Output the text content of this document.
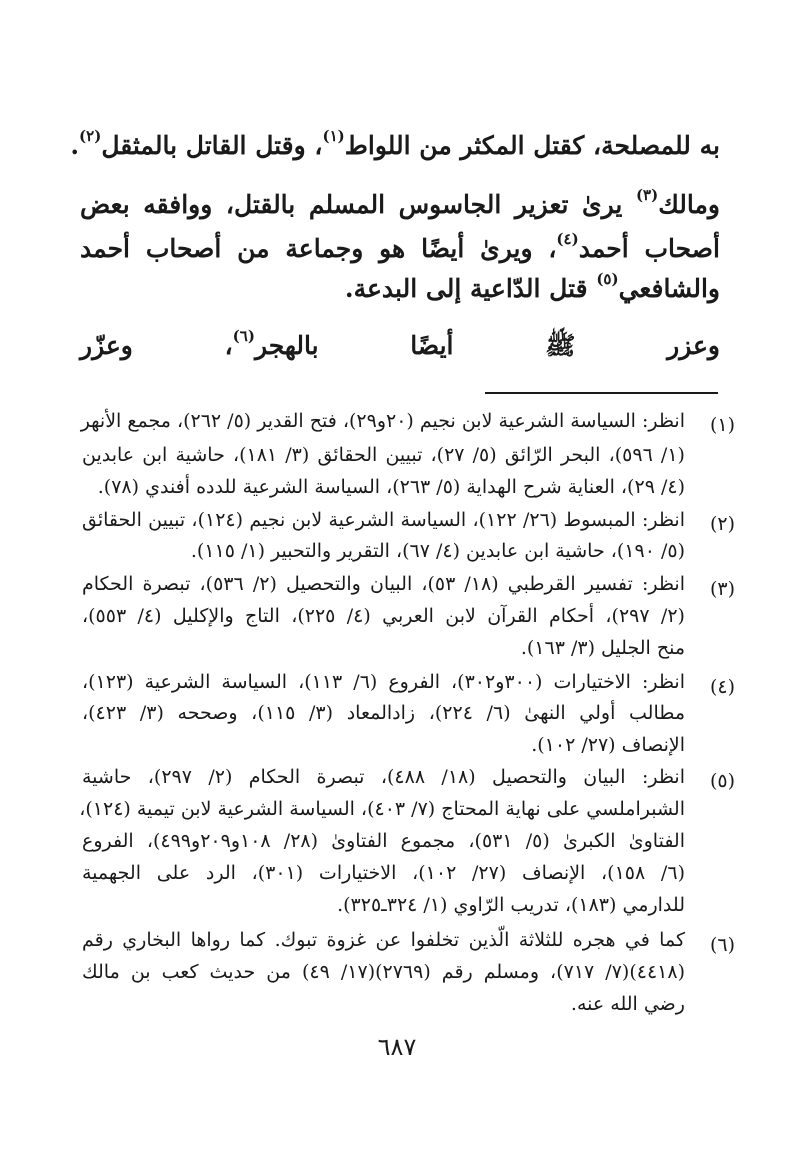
به للمصلحة، كقتل المكثر من اللواط$^{(١)}$، وقتل القاتل بالمثقل$^{(٢)}$.
ومالك$^{(٣)}$ يرىٰ تعزير الجاسوس المسلم بالقتل، ووافقه بعض
أصحاب أحمد$^{(٤)}$، ويرىٰ أيضًا هو وجماعة من أصحاب أحمد
والشافعي$^{(٥)}$ قتل الدّاعية إلى البدعة.
وعزر ﷺ أيضًا بالهجر$^{(٦)}$، وعزّر
(١)
انظر: السياسة الشرعية لابن نجيم (٢٠و٢٩)، فتح القدير (٥/ ٢٦٢)، مجمع الأنهر
(١/ ٥٩٦)، البحر الرّائق (٥/ ٢٧)، تبيين الحقائق (٣/ ١٨١)، حاشية ابن عابدين
(٤/ ٢٩)، العناية شرح الهداية (٥/ ٢٦٣)، السياسة الشرعية للدده أفندي (٧٨).
(٢)
انظر: المبسوط (٢٦/ ١٢٢)، السياسة الشرعية لابن نجيم (١٢٤)، تبيين الحقائق
(٥/ ١٩٠)، حاشية ابن عابدين (٤/ ٦٧)، التقرير والتحبير (١/ ١١٥).
(٣)
انظر: تفسير القرطبي (١٨/ ٥٣)، البيان والتحصيل (٢/ ٥٣٦)، تبصرة الحكام
(٢/ ٢٩٧)، أحكام القرآن لابن العربي (٤/ ٢٢٥)، التاج والإكليل (٤/ ٥٥٣)،
منح الجليل (٣/ ١٦٣).
(٤)
انظر: الاختيارات (٣٠٠و٣٠٢)، الفروع (٦/ ١١٣)، السياسة الشرعية (١٢٣)،
مطالب أولي النهىٰ (٦/ ٢٢٤)، زادالمعاد (٣/ ١١٥)، وصححه (٣/ ٤٢٣)،
الإنصاف (٢٧/ ١٠٢).
(٥)
انظر: البيان والتحصيل (١٨/ ٤٨٨)، تبصرة الحكام (٢/ ٢٩٧)، حاشية
الشبراملسي على نهاية المحتاج (٧/ ٤٠٣)، السياسة الشرعية لابن تيمية (١٢٤)،
الفتاوىٰ الكبرىٰ (٥/ ٥٣١)، مجموع الفتاوىٰ (٢٨/ ١٠٨و٢٠٩و٤٩٩)، الفروع
(٦/ ١٥٨)، الإنصاف (٢٧/ ١٠٢)، الاختيارات (٣٠١)، الرد على الجهمية
للدارمي (١٨٣)، تدريب الرّاوي (١/ ٣٢٤ـ٣٢٥).
(٦)
كما في هجره للثلاثة الّذين تخلفوا عن غزوة تبوك. كما رواها البخاري رقم
(٤٤١٨)(٧/ ٧١٧)، ومسلم رقم (٢٧٦٩)(١٧/ ٤٩) من حديث كعب بن مالك
رضي الله عنه.
٦٨٧
